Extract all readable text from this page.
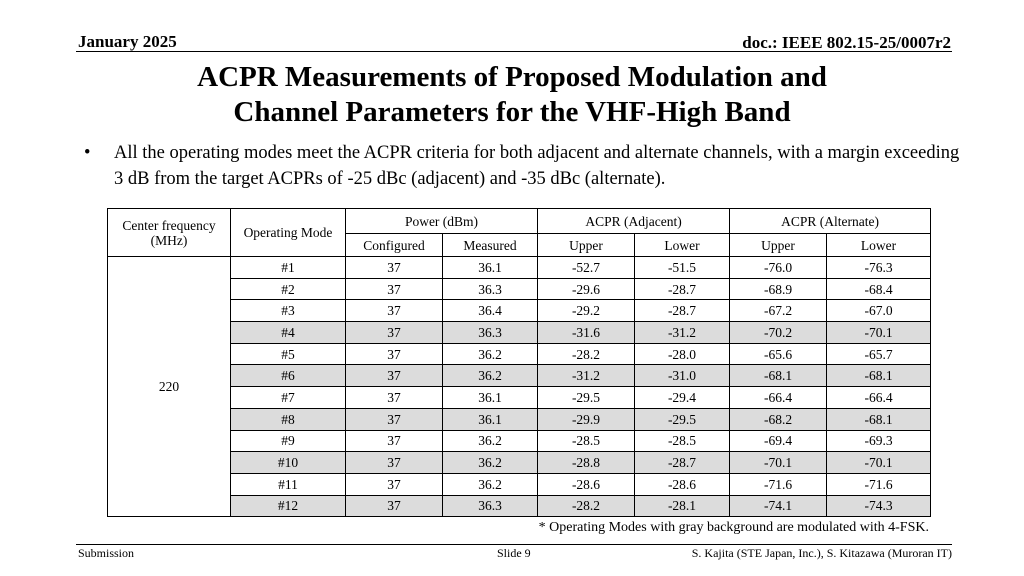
January 2025	doc.: IEEE 802.15-25/0007r2
ACPR Measurements of Proposed Modulation and
Channel Parameters for the VHF-High Band
• All the operating modes meet the ACPR criteria for both adjacent and alternate channels, with a margin exceeding 3 dB from the target ACPRs of -25 dBc (adjacent) and -35 dBc (alternate).
Center frequency (MHz)	Operating Mode	Power (dBm)		ACPR (Adjacent)		ACPR (Alternate)	
		Configured	Measured	Upper	Lower	Upper	Lower
220	#1	37	36.1	-52.7	-51.5	-76.0	-76.3
	#2	37	36.3	-29.6	-28.7	-68.9	-68.4
	#3	37	36.4	-29.2	-28.7	-67.2	-67.0
	#4	37	36.3	-31.6	-31.2	-70.2	-70.1
	#5	37	36.2	-28.2	-28.0	-65.6	-65.7
	#6	37	36.2	-31.2	-31.0	-68.1	-68.1
	#7	37	36.1	-29.5	-29.4	-66.4	-66.4
	#8	37	36.1	-29.9	-29.5	-68.2	-68.1
	#9	37	36.2	-28.5	-28.5	-69.4	-69.3
	#10	37	36.2	-28.8	-28.7	-70.1	-70.1
	#11	37	36.2	-28.6	-28.6	-71.6	-71.6
	#12	37	36.3	-28.2	-28.1	-74.1	-74.3
* Operating Modes with gray background are modulated with 4-FSK.
Submission	Slide 9	S. Kajita (STE Japan, Inc.), S. Kitazawa (Muroran IT)
